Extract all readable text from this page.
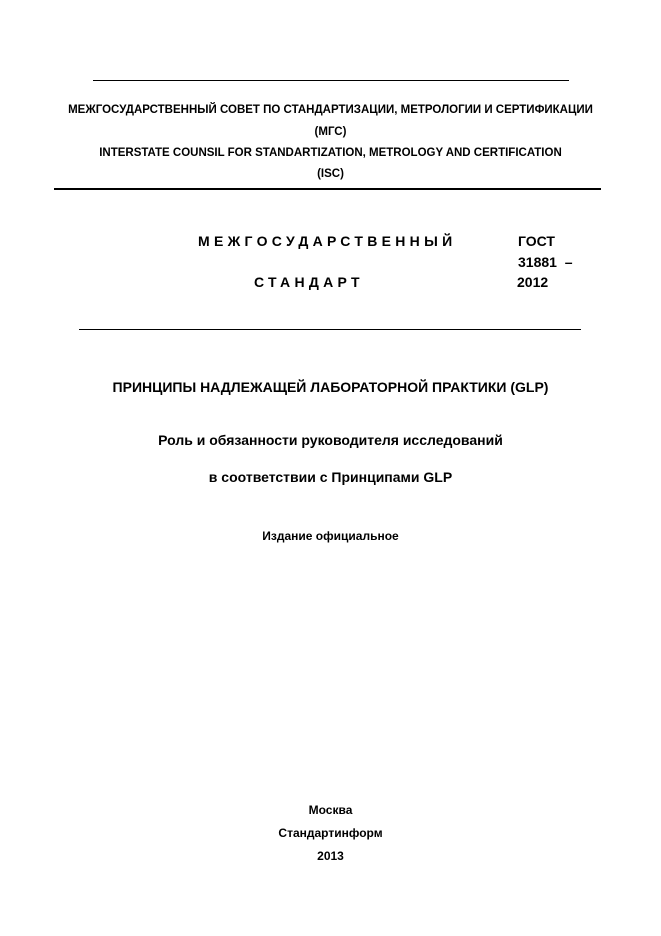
МЕЖГОСУДАРСТВЕННЫЙ СОВЕТ ПО СТАНДАРТИЗАЦИИ, МЕТРОЛОГИИ И СЕРТИФИКАЦИИ
(МГС)
INTERSTATE COUNSIL FOR STANDARTIZATION, METROLOGY AND CERTIFICATION
(ISC)
МЕЖГОСУДАРСТВЕННЫЙ
СТАНДАРТ
ГОСТ
31881  –
2012
ПРИНЦИПЫ НАДЛЕЖАЩЕЙ ЛАБОРАТОРНОЙ ПРАКТИКИ (GLP)
Роль и обязанности руководителя исследований
в соответствии с Принципами GLP
Издание официальное
Москва
Стандартинформ
2013
